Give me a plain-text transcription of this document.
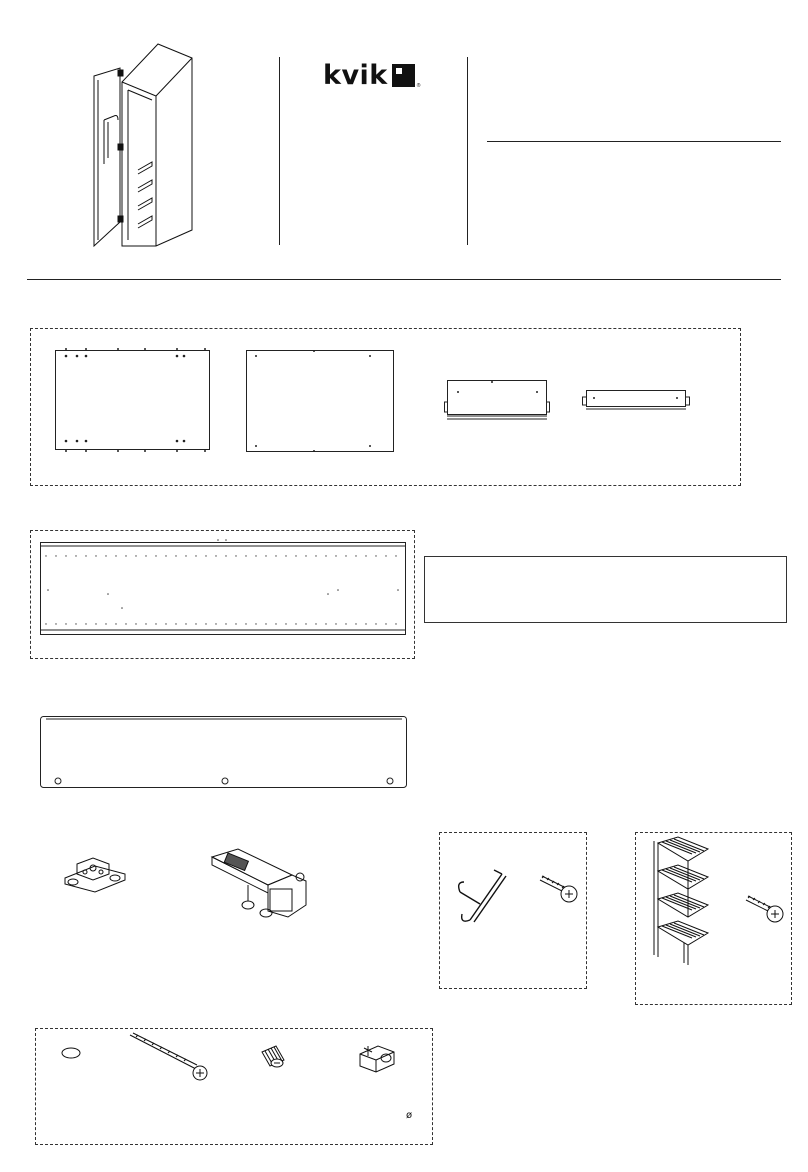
kvik	®
ø
